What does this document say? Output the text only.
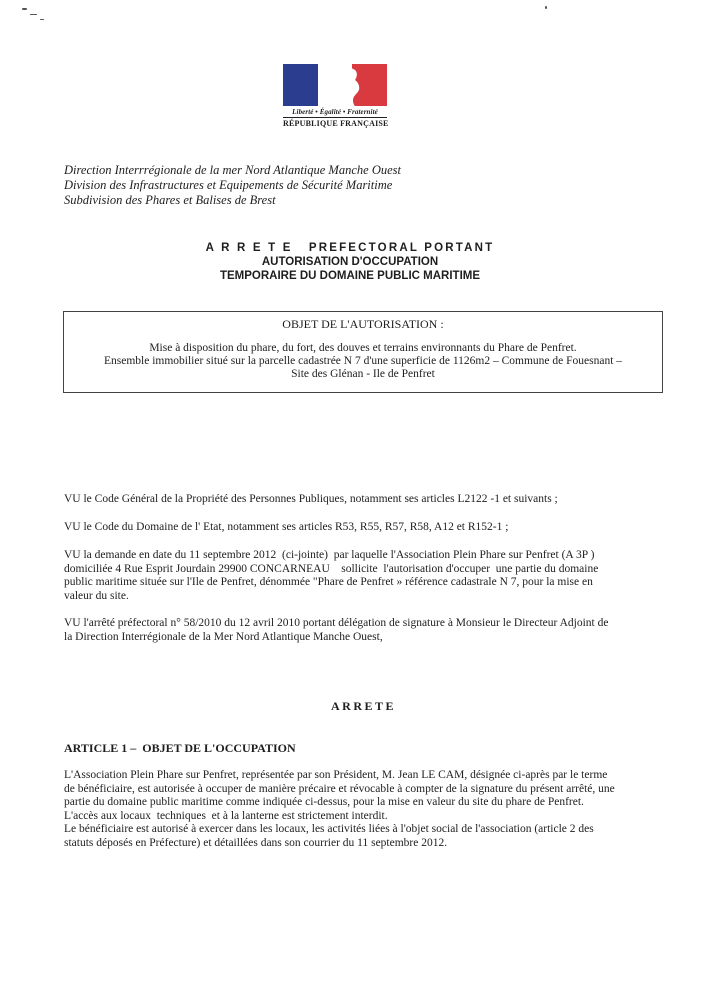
Liberté • Égalité • Fraternité
RÉPUBLIQUE FRANÇAISE
Direction Interrrégionale de la mer Nord Atlantique Manche Ouest
Division des Infrastructures et Equipements de Sécurité Maritime
Subdivision des Phares et Balises de Brest
A R R E T E   PREFECTORAL PORTANT
AUTORISATION D'OCCUPATION
TEMPORAIRE DU DOMAINE PUBLIC MARITIME
OBJET DE L'AUTORISATION :
Mise à disposition du phare, du fort, des douves et terrains environnants du Phare de Penfret.
Ensemble immobilier situé sur la parcelle cadastrée N 7 d'une superficie de 1126m2 – Commune de Fouesnant –
Site des Glénan - Ile de Penfret
VU le Code Général de la Propriété des Personnes Publiques, notamment ses articles L2122 -1 et suivants ;
VU le Code du Domaine de l' Etat, notamment ses articles R53, R55, R57, R58, A12 et R152-1 ;
VU la demande en date du 11 septembre 2012  (ci-jointe)  par laquelle l'Association Plein Phare sur Penfret (A 3P )
domiciliée 4 Rue Esprit Jourdain 29900 CONCARNEAU    sollicite  l'autorisation d'occuper  une partie du domaine
public maritime située sur l'Ile de Penfret, dénommée "Phare de Penfret » référence cadastrale N 7, pour la mise en
valeur du site.
VU l'arrêté préfectoral n° 58/2010 du 12 avril 2010 portant délégation de signature à Monsieur le Directeur Adjoint de
la Direction Interrégionale de la Mer Nord Atlantique Manche Ouest,
ARRETE
ARTICLE 1 –  OBJET DE L'OCCUPATION
L'Association Plein Phare sur Penfret, représentée par son Président, M. Jean LE CAM, désignée ci-après par le terme
de bénéficiaire, est autorisée à occuper de manière précaire et révocable à compter de la signature du présent arrêté, une
partie du domaine public maritime comme indiquée ci-dessus, pour la mise en valeur du site du phare de Penfret.
L'accès aux locaux  techniques  et à la lanterne est strictement interdit.
Le bénéficiaire est autorisé à exercer dans les locaux, les activités liées à l'objet social de l'association (article 2 des
statuts déposés en Préfecture) et détaillées dans son courrier du 11 septembre 2012.
